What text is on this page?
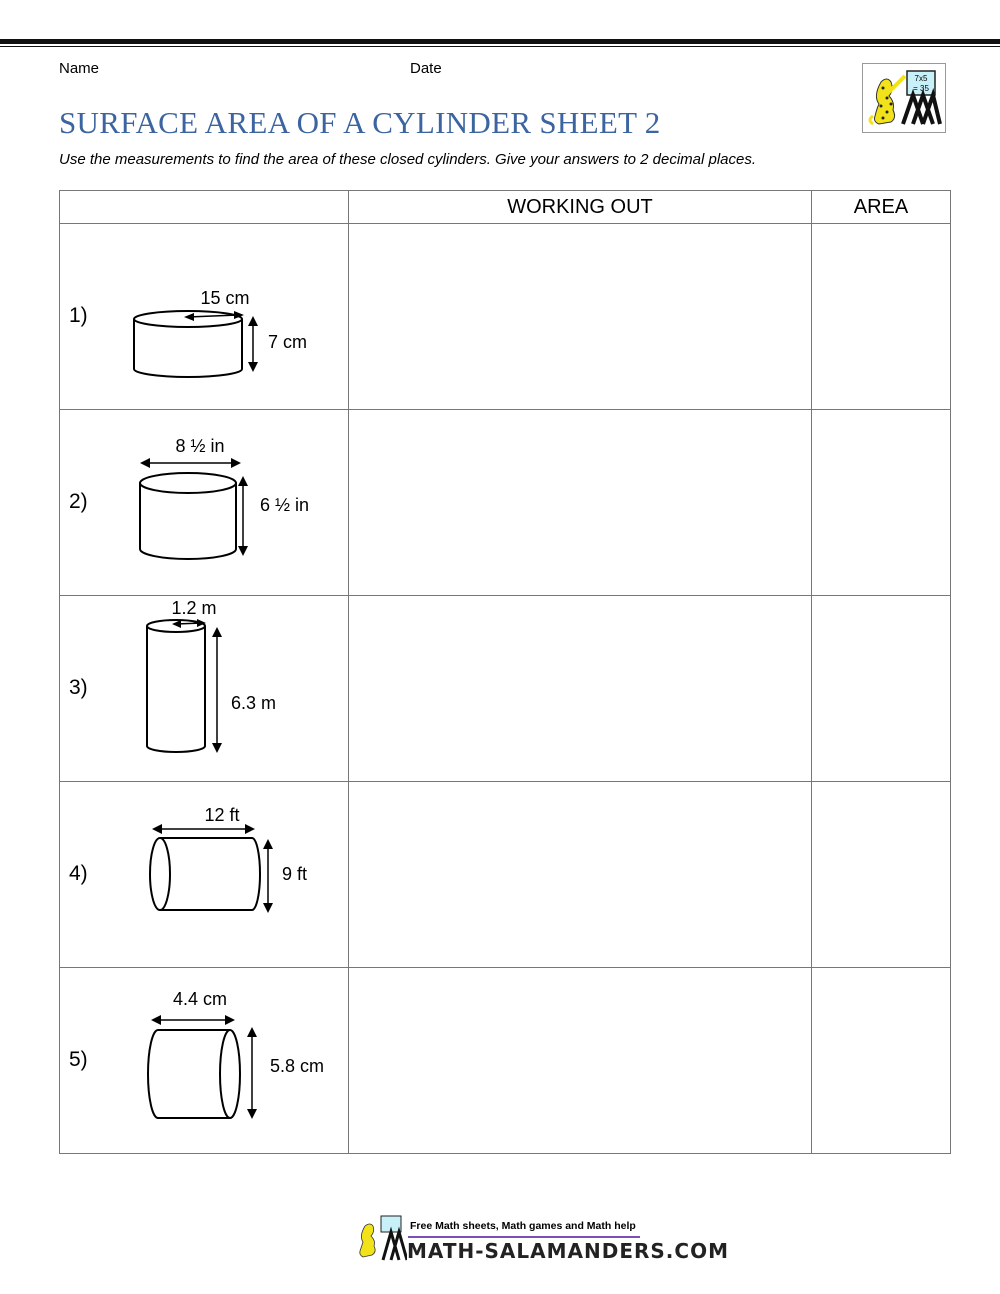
Name	Date
7x5
= 35
SURFACE AREA OF A CYLINDER SHEET 2
Use the measurements to find the area of these closed cylinders. Give your answers to 2 decimal places.
	WORKING OUT	AREA

1)
15 cm
7 cm		

2)
8 ½ in
6 ½ in		

3)
1.2 m
6.3 m		

4)
12 ft
9 ft		

5)
4.4 cm
5.8 cm		

Free Math sheets, Math games and Math help
MATH-SALAMANDERS.COM
